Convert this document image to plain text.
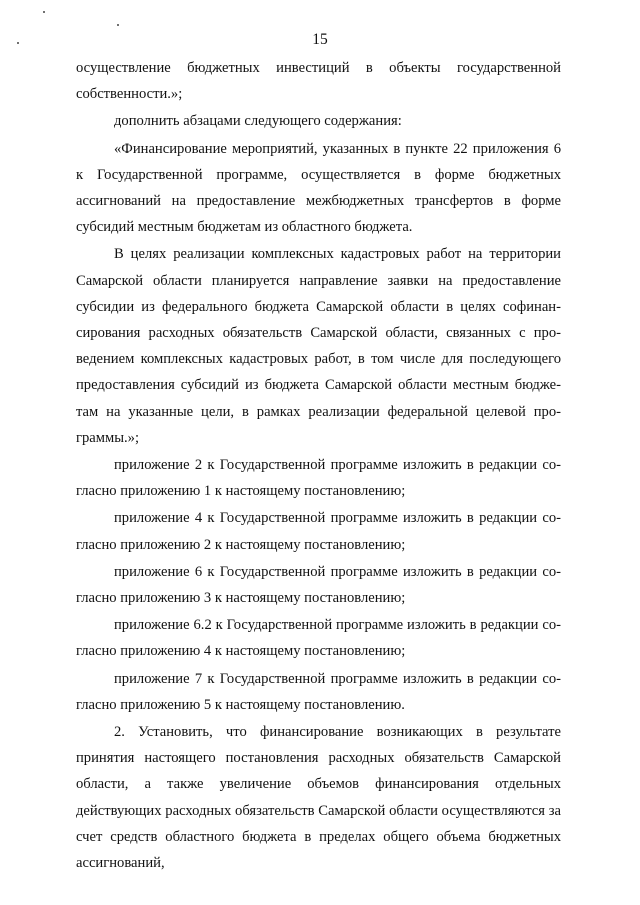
15

осуществление бюджетных инвестиций в объекты государственной собственности.»;

дополнить абзацами следующего содержания:

«Финансирование мероприятий, указанных в пункте 22 приложения 6 к Государственной программе, осуществляется в форме бюджетных ассигнований на предоставление межбюджетных трансфертов в форме субсидий местным бюджетам из областного бюджета.

В целях реализации комплексных кадастровых работ на территории Самарской области планируется направление заявки на предоставление субсидии из федерального бюджета Самарской области в целях софинансирования расходных обязательств Самарской области, связанных с проведением комплексных кадастровых работ, в том числе для последующего предоставления субсидий из бюджета Самарской области местным бюджетам на указанные цели, в рамках реализации федеральной целевой программы.»;

приложение 2 к Государственной программе изложить в редакции согласно приложению 1 к настоящему постановлению;

приложение 4 к Государственной программе изложить в редакции согласно приложению 2 к настоящему постановлению;

приложение 6 к Государственной программе изложить в редакции согласно приложению 3 к настоящему постановлению;

приложение 6.2 к Государственной программе изложить в редакции согласно приложению 4 к настоящему постановлению;

приложение 7 к Государственной программе изложить в редакции согласно приложению 5 к настоящему постановлению.

2. Установить, что финансирование возникающих в результате принятия настоящего постановления расходных обязательств Самарской области, а также увеличение объемов финансирования отдельных действующих расходных обязательств Самарской области осуществляются за счет средств областного бюджета в пределах общего объема бюджетных ассигнований,
